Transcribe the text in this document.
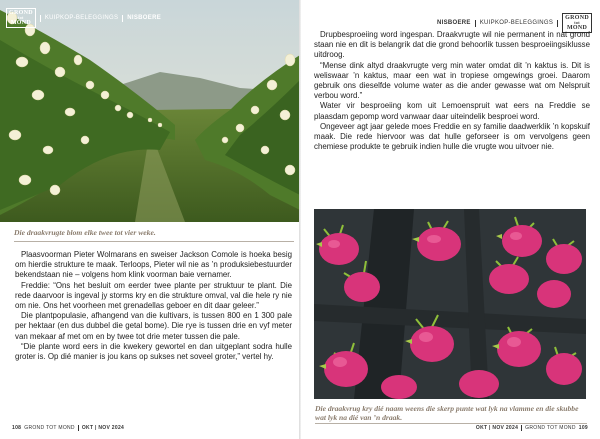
GROND
tot
MOND
KUIPKOP-BELEGGINGS NISBOERE
Die draakvrugte blom elke twee tot vier weke.

Plaasvoorman Pieter Wolmarans en sweiser Jackson Comole is hoeka besig om hierdie strukture te maak. Terloops, Pieter wil nie as ’n produksiebestuurder bekendstaan nie – volgens hom klink voorman baie vernamer.

Freddie: “Ons het besluit om eerder twee plante per struktuur te plant. Die rede daarvoor is ingeval jy storms kry en die strukture omval, val die hele ry nie om nie. Ons het voorheen met grenadellas geboer en dit daar geleer.”

Die plantpopulasie, afhangend van die kultivars, is tussen 800 en 1 300 pale per hektaar (en dus dubbel die getal bome). Die ryе is tussen drie en vyf meter van mekaar af met om en by twee tot drie meter tussen die pale.

“Die plante word eers in die kwekery gewortel en dan uitgeplant sodra hulle groter is. Op dié manier is jou kans op sukses net soveel groter,” vertel hy.

108 GROND TOT MOND OKT | NOV 2024
NISBOERE KUIPKOP-BELEGGINGS
GROND
tot
MOND

Drupbesproeiing word ingespan. Draakvrugte wil nie permanent in nat grond staan nie en dit is belangrik dat die grond behoorlik tussen besproeiingsiklusse uitdroog.

“Mense dink altyd draakvrugte verg min water omdat dit ’n kaktus is. Dit is weliswaar ’n kaktus, maar een wat in tropiese omgewings groei. Daarom gebruik ons dieselfde volume water as die ander gewasse wat om Nelspruit verbou word.”

Water vir besproeiing kom uit Lemoenspruit wat eers na Freddie se plaasdam gepomp word vanwaar daar uiteindelik besproei word.

Ongeveer agt jaar gelede moes Freddie en sy familie daadwerklik ’n kopskuif maak. Die rede hiervoor was dat hulle geforseer is om vervolgens geen chemiese produkte te gebruik indien hulle die vrugte wou uitvoer nie.

Die draakvrug kry dié naam weens die skerp punte wat lyk na vlamme en die skubbe wat lyk na dié van ’n draak.
OKT | NOV 2024 GROND TOT MOND 109
